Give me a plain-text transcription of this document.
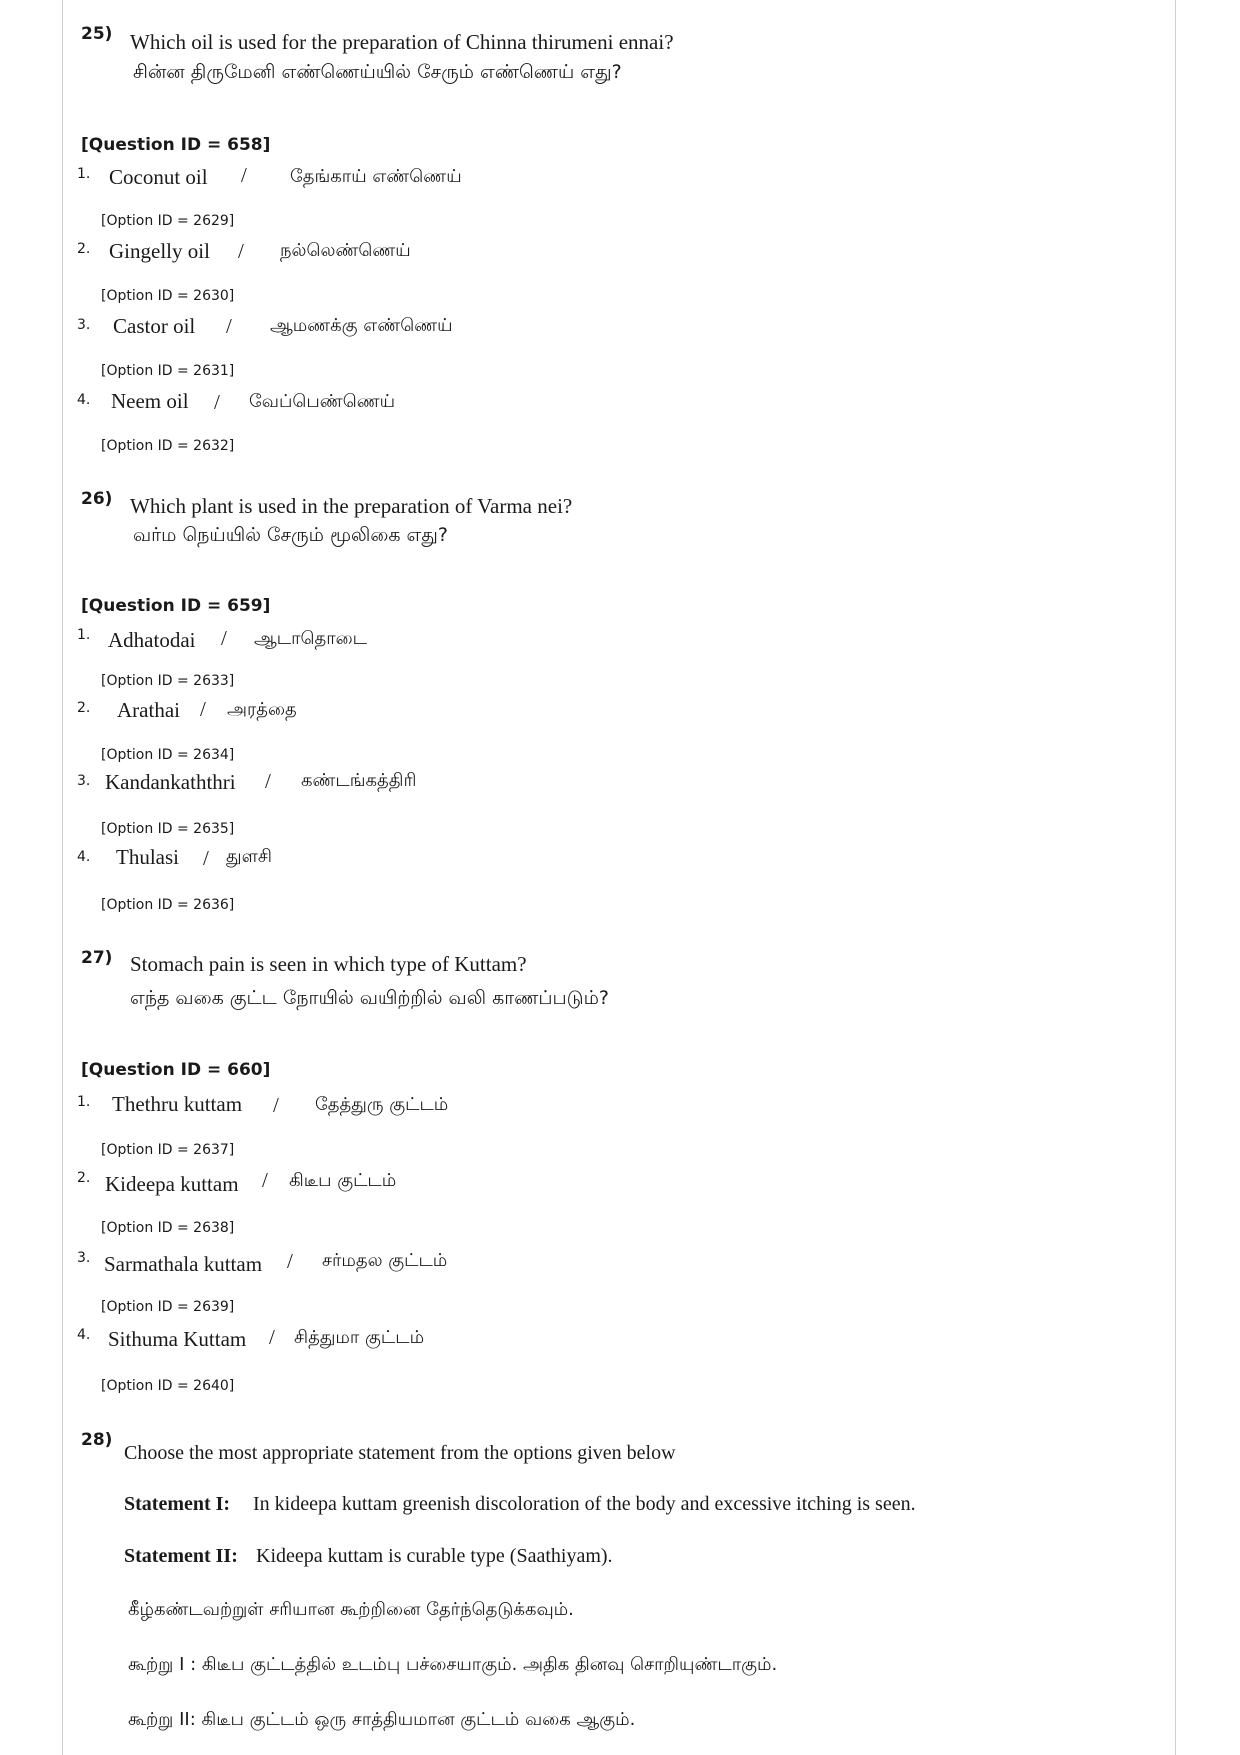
25) Which oil is used for the preparation of Chinna thirumeni ennai?
சின்ன திருமேனி எண்ணெய்யில் சேரும் எண்ணெய் எது?
[Question ID = 658]
1. Coconut oil / தேங்காய் எண்ணெய்
[Option ID = 2629]
2. Gingelly oil / நல்லெண்ணெய்
[Option ID = 2630]
3. Castor oil / ஆமணக்கு எண்ணெய்
[Option ID = 2631]
4. Neem oil / வேப்பெண்ணெய்
[Option ID = 2632]
26) Which plant is used in the preparation of Varma nei?
வர்ம நெய்யில் சேரும் மூலிகை எது?
[Question ID = 659]
1. Adhatodai / ஆடாதொடை
[Option ID = 2633]
2. Arathai / அரத்தை
[Option ID = 2634]
3. Kandankaththri / கண்டங்கத்திரி
[Option ID = 2635]
4. Thulasi / துளசி
[Option ID = 2636]
27) Stomach pain is seen in which type of Kuttam?
எந்த வகை குட்ட நோயில் வயிற்றில் வலி காணப்படும்?
[Question ID = 660]
1. Thethru kuttam / தேத்துரு குட்டம்
[Option ID = 2637]
2. Kideepa kuttam / கிடீப குட்டம்
[Option ID = 2638]
3. Sarmathala kuttam / சர்மதல குட்டம்
[Option ID = 2639]
4. Sithuma Kuttam / சித்துமா குட்டம்
[Option ID = 2640]
28)
Choose the most appropriate statement from the options given below
Statement I: In kideepa kuttam greenish discoloration of the body and excessive itching is seen.
Statement II: Kideepa kuttam is curable type (Saathiyam).
கீழ்கண்டவற்றுள் சரியான கூற்றினை தேர்ந்தெடுக்கவும்.
கூற்று I : கிடீப குட்டத்தில் உடம்பு பச்சையாகும். அதிக தினவு சொறியுண்டாகும்.
கூற்று II: கிடீப குட்டம் ஒரு சாத்தியமான குட்டம் வகை ஆகும்.
